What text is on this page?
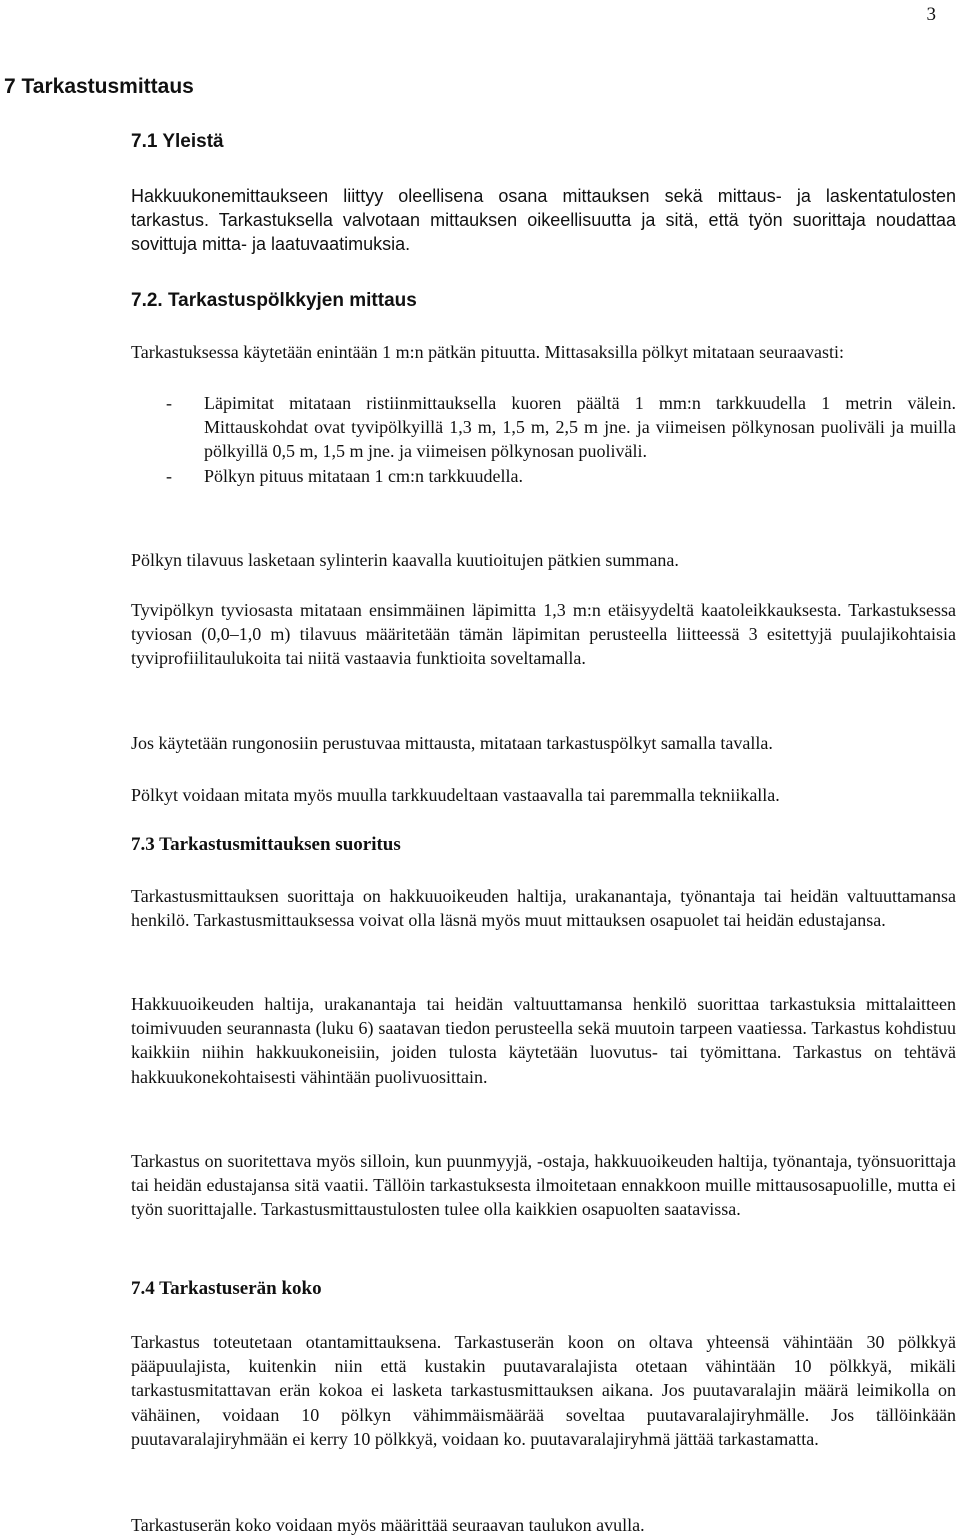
3
7 Tarkastusmittaus
7.1 Yleistä

Hakkuukonemittaukseen liittyy oleellisena osana mittauksen sekä mittaus- ja laskentatulosten tarkastus. Tarkastuksella valvotaan mittauksen oikeellisuutta ja sitä, että työn suorittaja noudattaa sovittuja mitta- ja laatuvaatimuksia.

7.2. Tarkastuspölkkyjen mittaus

Tarkastuksessa käytetään enintään 1 m:n pätkän pituutta. Mittasaksilla pölkyt mitataan seuraavasti:

- Läpimitat mitataan ristiinmittauksella kuoren päältä 1 mm:n tarkkuudella 1 metrin välein. Mittauskohdat ovat tyvipölkyillä 1,3 m, 1,5 m, 2,5 m jne. ja viimeisen pölkynosan puoliväli ja muilla pölkyillä 0,5 m, 1,5 m jne. ja viimeisen pölkynosan puoliväli.
- Pölkyn pituus mitataan 1 cm:n tarkkuudella.

Pölkyn tilavuus lasketaan sylinterin kaavalla kuutioitujen pätkien summana.

Tyvipölkyn tyviosasta mitataan ensimmäinen läpimitta 1,3 m:n etäisyydeltä kaatoleikkauksesta. Tarkastuksessa tyviosan (0,0–1,0 m) tilavuus määritetään tämän läpimitan perusteella liitteessä 3 esitettyjä puulajikohtaisia tyviprofiilitaulukoita tai niitä vastaavia funktioita soveltamalla.

Jos käytetään rungonosiin perustuvaa mittausta, mitataan tarkastuspölkyt samalla tavalla.

Pölkyt voidaan mitata myös muulla tarkkuudeltaan vastaavalla tai paremmalla tekniikalla.

7.3 Tarkastusmittauksen suoritus

Tarkastusmittauksen suorittaja on hakkuuoikeuden haltija, urakanantaja, työnantaja tai heidän valtuuttamansa henkilö. Tarkastusmittauksessa voivat olla läsnä myös muut mittauksen osapuolet tai heidän edustajansa.

Hakkuuoikeuden haltija, urakanantaja tai heidän valtuuttamansa henkilö suorittaa tarkastuksia mittalaitteen toimivuuden seurannasta (luku 6) saatavan tiedon perusteella sekä muutoin tarpeen vaatiessa. Tarkastus kohdistuu kaikkiin niihin hakkuukoneisiin, joiden tulosta käytetään luovutus- tai työmittana. Tarkastus on tehtävä hakkuukonekohtaisesti vähintään puolivuosittain.

Tarkastus on suoritettava myös silloin, kun puunmyyjä, -ostaja, hakkuuoikeuden haltija, työnantaja, työnsuorittaja tai heidän edustajansa sitä vaatii. Tällöin tarkastuksesta ilmoitetaan ennakkoon muille mittausosapuolille, mutta ei työn suorittajalle. Tarkastusmittaustulosten tulee olla kaikkien osapuolten saatavissa.

7.4 Tarkastuserän koko

Tarkastus toteutetaan otantamittauksena. Tarkastuserän koon on oltava yhteensä vähintään 30 pölkkyä pääpuulajista, kuitenkin niin että kustakin puutavaralajista otetaan vähintään 10 pölkkyä, mikäli tarkastusmitattavan erän kokoa ei lasketa tarkastusmittauksen aikana. Jos puutavaralajin määrä leimikolla on vähäinen, voidaan 10 pölkyn vähimmäismäärää soveltaa puutavaralajiryhmälle. Jos tällöinkään puutavaralajiryhmään ei kerry 10 pölkkyä, voidaan ko. puutavaralajiryhmä jättää tarkastamatta.

Tarkastuserän koko voidaan myös määrittää seuraavan taulukon avulla.
